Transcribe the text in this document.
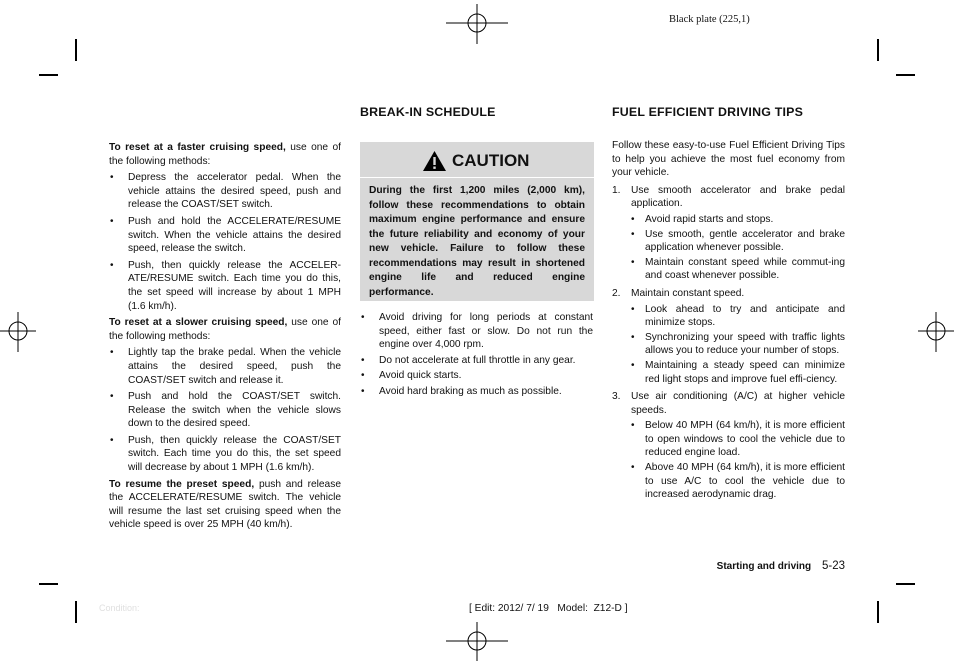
Black plate (225,1)

To reset at a faster cruising speed, use one of the following methods:

• Depress the accelerator pedal. When the vehicle attains the desired speed, push and release the COAST/SET switch.

• Push and hold the ACCELERATE/RESUME switch. When the vehicle attains the desired speed, release the switch.

• Push, then quickly release the ACCELER-ATE/RESUME switch. Each time you do this, the set speed will increase by about 1 MPH (1.6 km/h).

To reset at a slower cruising speed, use one of the following methods:

• Lightly tap the brake pedal. When the vehicle attains the desired speed, push the COAST/SET switch and release it.

• Push and hold the COAST/SET switch. Release the switch when the vehicle slows down to the desired speed.

• Push, then quickly release the COAST/SET switch. Each time you do this, the set speed will decrease by about 1 MPH (1.6 km/h).

To resume the preset speed, push and release the ACCELERATE/RESUME switch. The vehicle will resume the last set cruising speed when the vehicle speed is over 25 MPH (40 km/h).

BREAK-IN SCHEDULE
CAUTION
During the first 1,200 miles (2,000 km), follow these recommendations to obtain maximum engine performance and ensure the future reliability and economy of your new vehicle. Failure to follow these recommendations may result in shortened engine life and reduced engine performance.

• Avoid driving for long periods at constant speed, either fast or slow. Do not run the engine over 4,000 rpm.

• Do not accelerate at full throttle in any gear.

• Avoid quick starts.

• Avoid hard braking as much as possible.

FUEL EFFICIENT DRIVING TIPS

Follow these easy-to-use Fuel Efficient Driving Tips to help you achieve the most fuel economy from your vehicle.

1. Use smooth accelerator and brake pedal application.

• Avoid rapid starts and stops.

• Use smooth, gentle accelerator and brake application whenever possible.

• Maintain constant speed while commut-ing and coast whenever possible.

2. Maintain constant speed.

• Look ahead to try and anticipate and minimize stops.

• Synchronizing your speed with traffic lights allows you to reduce your number of stops.

• Maintaining a steady speed can minimize red light stops and improve fuel effi-ciency.

3. Use air conditioning (A/C) at higher vehicle speeds.

• Below 40 MPH (64 km/h), it is more efficient to open windows to cool the vehicle due to reduced engine load.

• Above 40 MPH (64 km/h), it is more efficient to use A/C to cool the vehicle due to increased aerodynamic drag.

Starting and driving 5-23
Condition:	[ Edit: 2012/ 7/ 19   Model:  Z12-D ]
